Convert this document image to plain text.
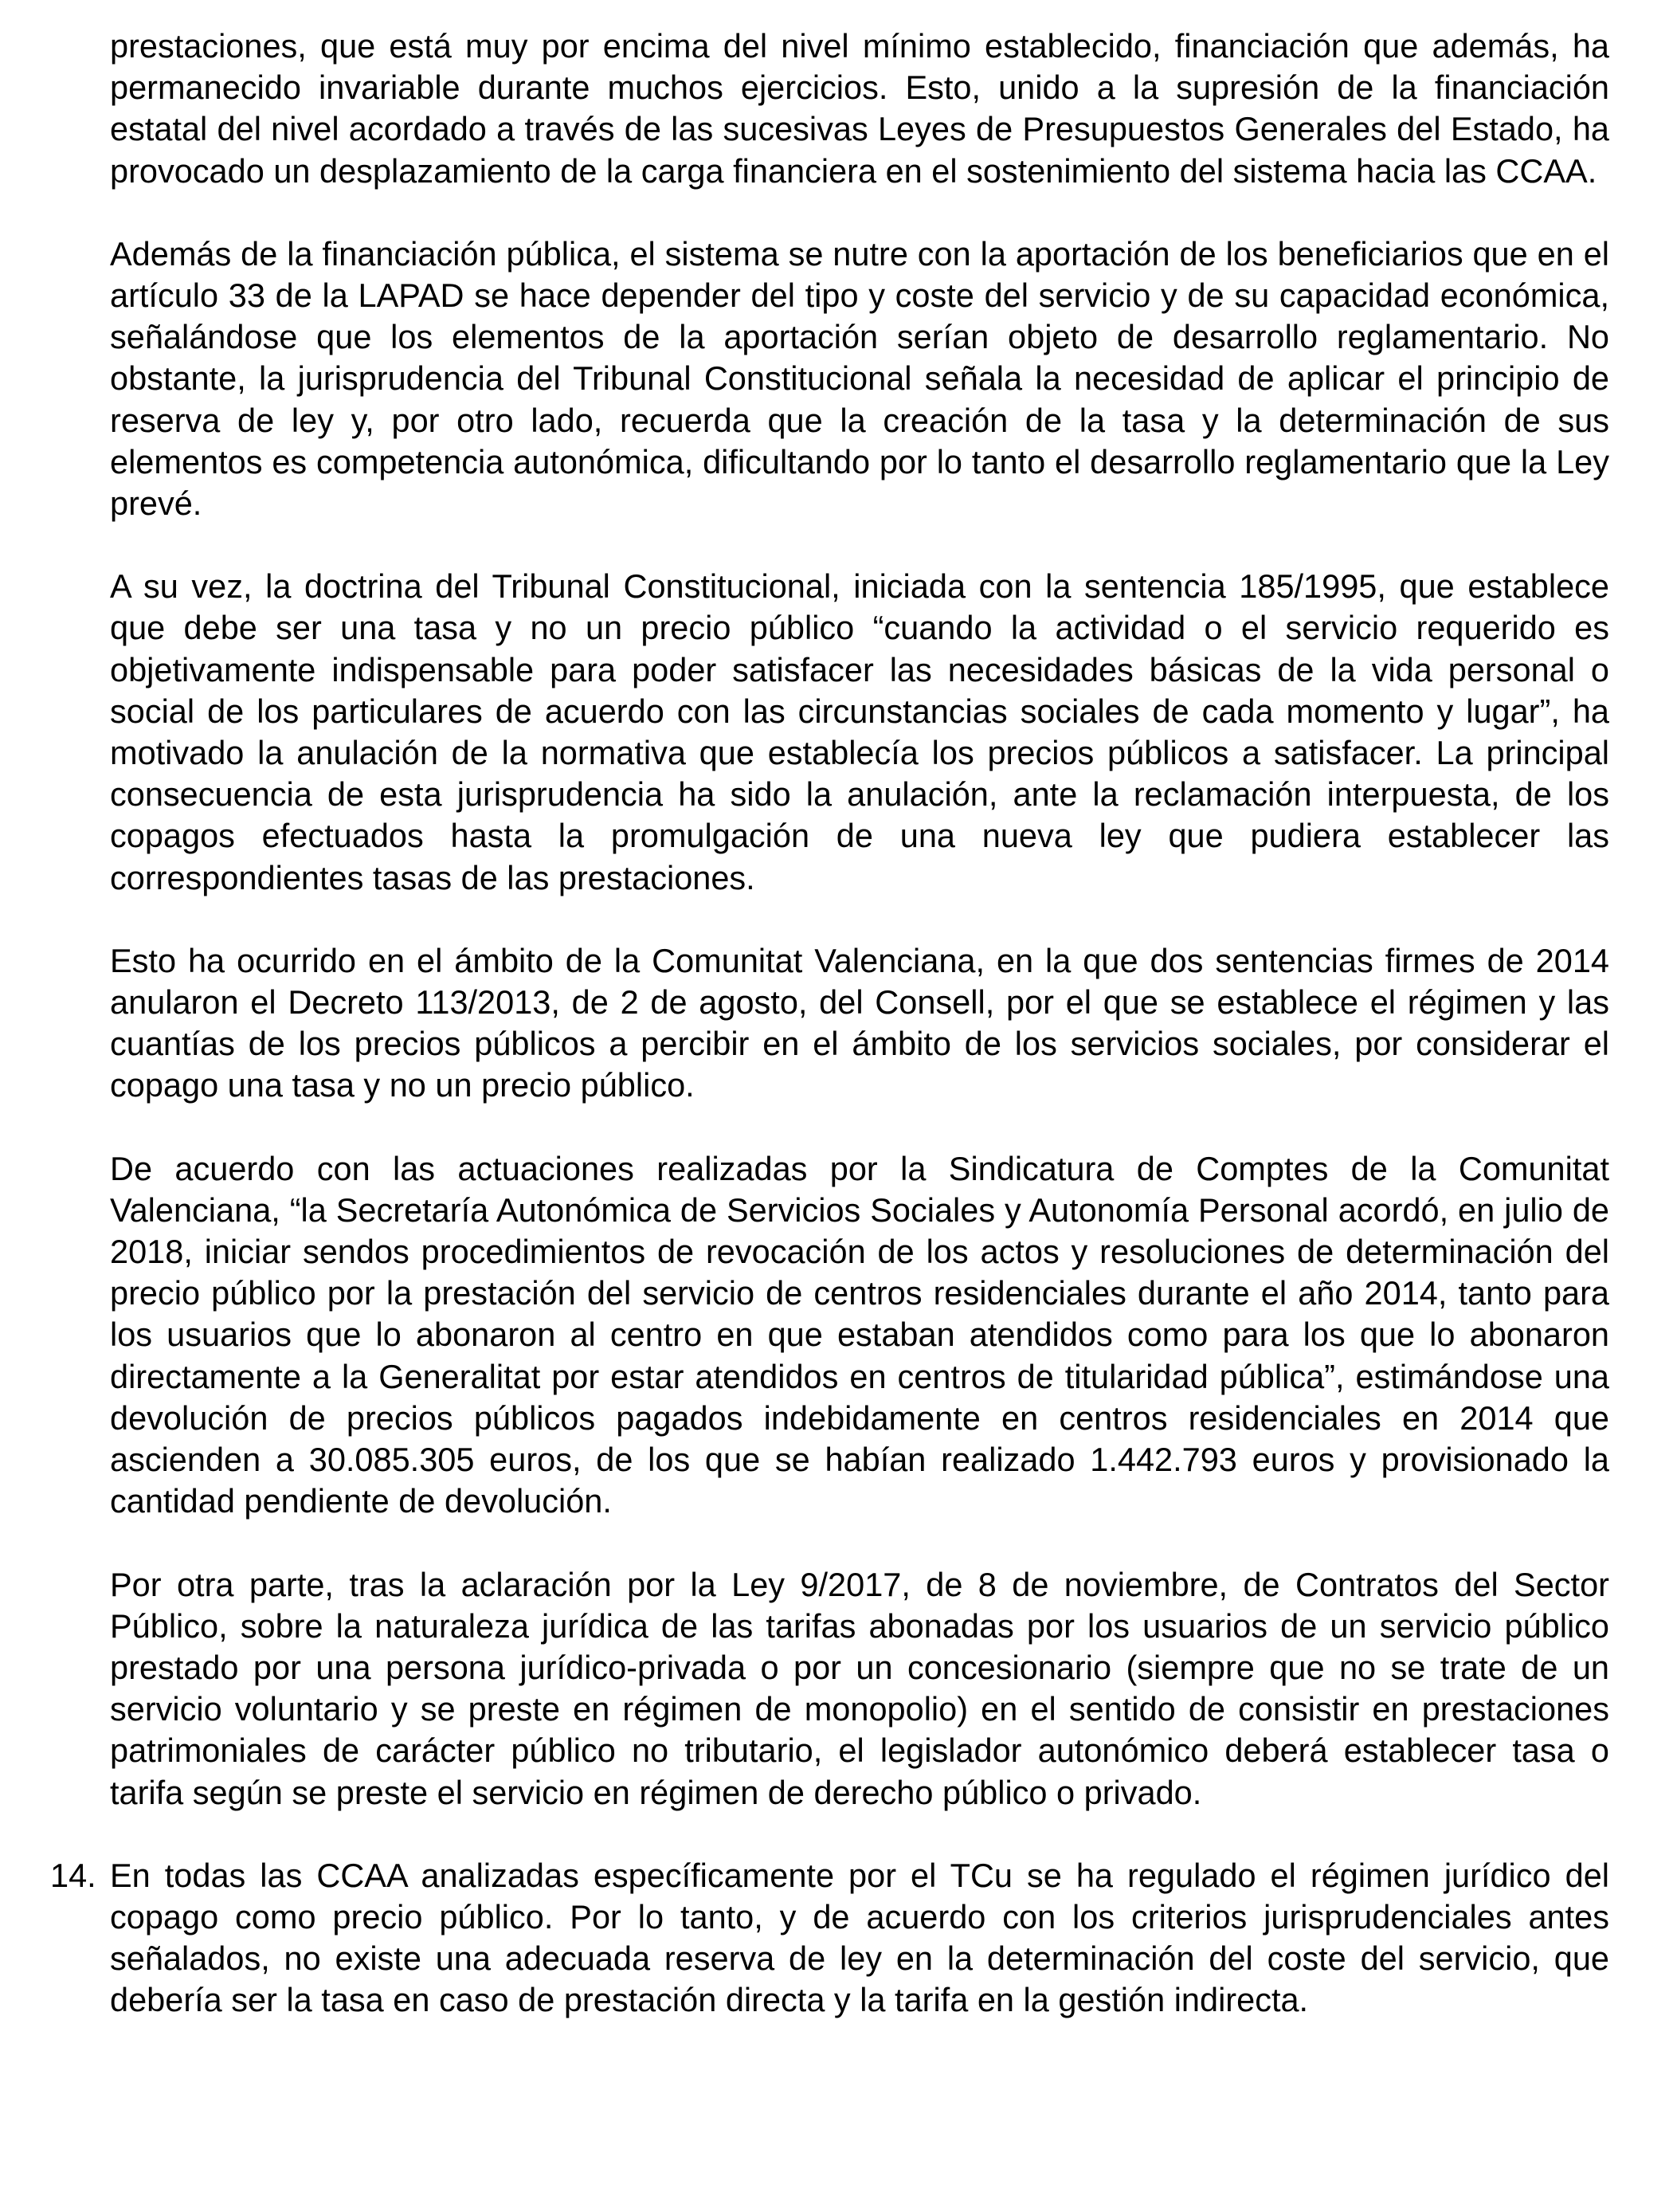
prestaciones, que está muy por encima del nivel mínimo establecido, financiación que además, ha permanecido invariable durante muchos ejercicios. Esto, unido a la supresión de la financiación estatal del nivel acordado a través de las sucesivas Leyes de Presupuestos Generales del Estado, ha provocado un desplazamiento de la carga financiera en el sostenimiento del sistema hacia las CCAA.

Además de la financiación pública, el sistema se nutre con la aportación de los beneficiarios que en el artículo 33 de la LAPAD se hace depender del tipo y coste del servicio y de su capacidad económica, señalándose que los elementos de la aportación serían objeto de desarrollo reglamentario. No obstante, la jurisprudencia del Tribunal Constitucional señala la necesidad de aplicar el principio de reserva de ley y, por otro lado, recuerda que la creación de la tasa y la determinación de sus elementos es competencia autonómica, dificultando por lo tanto el desarrollo reglamentario que la Ley prevé.

A su vez, la doctrina del Tribunal Constitucional, iniciada con la sentencia 185/1995, que establece que debe ser una tasa y no un precio público “cuando la actividad o el servicio requerido es objetivamente indispensable para poder satisfacer las necesidades básicas de la vida personal o social de los particulares de acuerdo con las circunstancias sociales de cada momento y lugar”, ha motivado la anulación de la normativa que establecía los precios públicos a satisfacer. La principal consecuencia de esta jurisprudencia ha sido la anulación, ante la reclamación interpuesta, de los copagos efectuados hasta la promulgación de una nueva ley que pudiera establecer las correspondientes tasas de las prestaciones.

Esto ha ocurrido en el ámbito de la Comunitat Valenciana, en la que dos sentencias firmes de 2014 anularon el Decreto 113/2013, de 2 de agosto, del Consell, por el que se establece el régimen y las cuantías de los precios públicos a percibir en el ámbito de los servicios sociales, por considerar el copago una tasa y no un precio público.

De acuerdo con las actuaciones realizadas por la Sindicatura de Comptes de la Comunitat Valenciana, “la Secretaría Autonómica de Servicios Sociales y Autonomía Personal acordó, en julio de 2018, iniciar sendos procedimientos de revocación de los actos y resoluciones de determinación del precio público por la prestación del servicio de centros residenciales durante el año 2014, tanto para los usuarios que lo abonaron al centro en que estaban atendidos como para los que lo abonaron directamente a la Generalitat por estar atendidos en centros de titularidad pública”, estimándose una devolución de precios públicos pagados indebidamente en centros residenciales en 2014 que ascienden a 30.085.305 euros, de los que se habían realizado 1.442.793 euros y provisionado la cantidad pendiente de devolución.

Por otra parte, tras la aclaración por la Ley 9/2017, de 8 de noviembre, de Contratos del Sector Público, sobre la naturaleza jurídica de las tarifas abonadas por los usuarios de un servicio público prestado por una persona jurídico-privada o por un concesionario (siempre que no se trate de un servicio voluntario y se preste en régimen de monopolio) en el sentido de consistir en prestaciones patrimoniales de carácter público no tributario, el legislador autonómico deberá establecer tasa o tarifa según se preste el servicio en régimen de derecho público o privado.

14. En todas las CCAA analizadas específicamente por el TCu se ha regulado el régimen jurídico del copago como precio público. Por lo tanto, y de acuerdo con los criterios jurisprudenciales antes señalados, no existe una adecuada reserva de ley en la determinación del coste del servicio, que debería ser la tasa en caso de prestación directa y la tarifa en la gestión indirecta.
